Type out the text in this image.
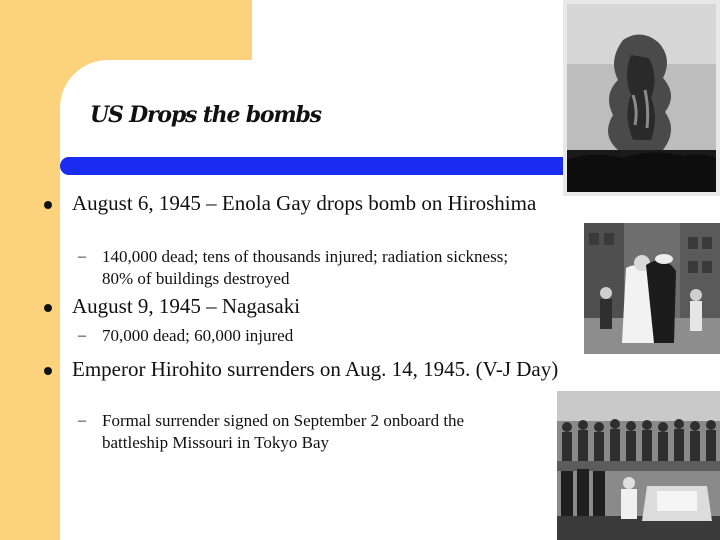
US Drops the bombs

August 6, 1945 – Enola Gay drops bomb on Hiroshima

– 140,000 dead; tens of thousands injured; radiation sickness; 80% of buildings destroyed

August 9, 1945 – Nagasaki

– 70,000 dead; 60,000 injured

Emperor Hirohito surrenders on Aug. 14, 1945. (V-J Day)

– Formal surrender signed on September 2 onboard the battleship Missouri in Tokyo Bay
